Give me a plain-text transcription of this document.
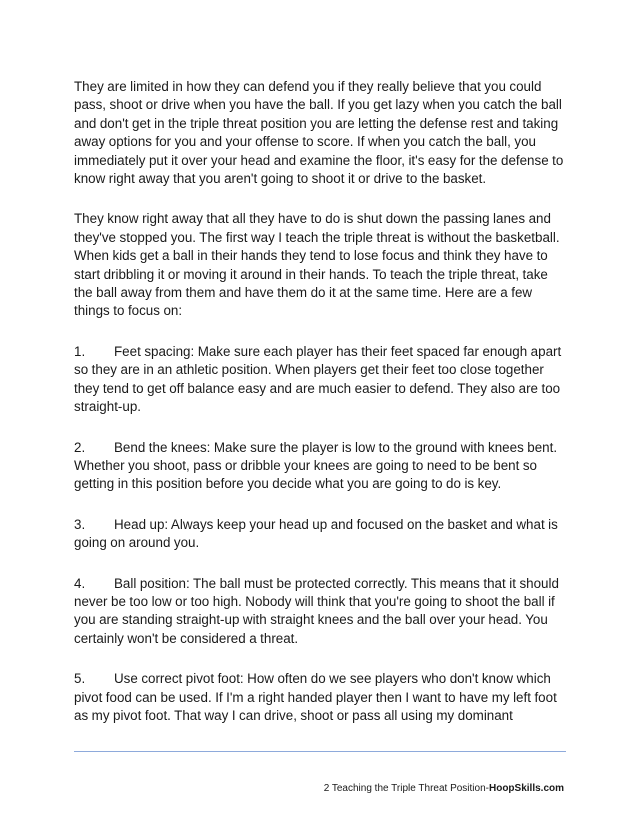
They are limited in how they can defend you if they really believe that you could pass, shoot or drive when you have the ball. If you get lazy when you catch the ball and don't get in the triple threat position you are letting the defense rest and taking away options for you and your offense to score. If when you catch the ball, you immediately put it over your head and examine the floor, it's easy for the defense to know right away that you aren't going to shoot it or drive to the basket.

They know right away that all they have to do is shut down the passing lanes and they've stopped you. The first way I teach the triple threat is without the basketball. When kids get a ball in their hands they tend to lose focus and think they have to start dribbling it or moving it around in their hands. To teach the triple threat, take the ball away from them and have them do it at the same time. Here are a few things to focus on:

1. Feet spacing: Make sure each player has their feet spaced far enough apart so they are in an athletic position. When players get their feet too close together they tend to get off balance easy and are much easier to defend. They also are too straight-up.

2. Bend the knees: Make sure the player is low to the ground with knees bent. Whether you shoot, pass or dribble your knees are going to need to be bent so getting in this position before you decide what you are going to do is key.

3. Head up: Always keep your head up and focused on the basket and what is going on around you.

4. Ball position: The ball must be protected correctly. This means that it should never be too low or too high. Nobody will think that you're going to shoot the ball if you are standing straight-up with straight knees and the ball over your head. You certainly won't be considered a threat.

5. Use correct pivot foot: How often do we see players who don't know which pivot food can be used. If I'm a right handed player then I want to have my left foot as my pivot foot. That way I can drive, shoot or pass all using my dominant

2 Teaching the Triple Threat Position-HoopSkills.com
